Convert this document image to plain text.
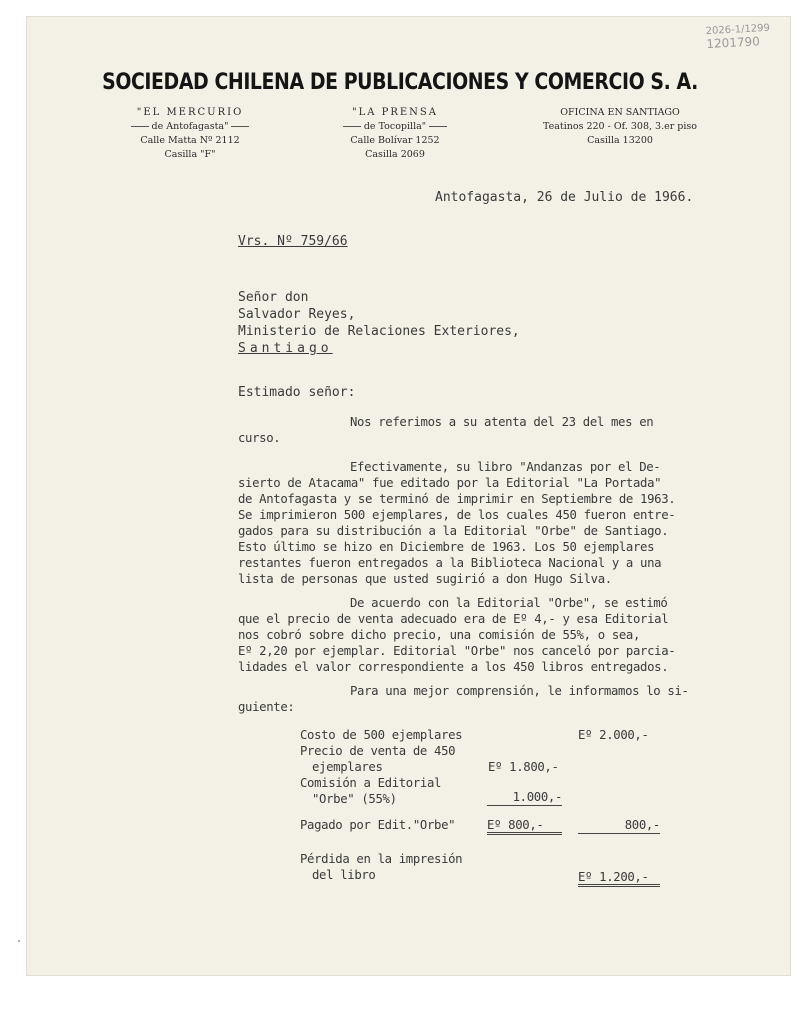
2026-1/1299
1201790
SOCIEDAD CHILENA DE PUBLICACIONES Y COMERCIO S. A.
"EL MERCURIO
de Antofagasta"
Calle Matta Nº 2112
Casilla "F"
"LA PRENSA
de Tocopilla"
Calle Bolívar 1252
Casilla 2069
OFICINA EN SANTIAGO
Teatinos 220 - Of. 308, 3.er piso
Casilla 13200
Antofagasta, 26 de Julio de 1966.
Vrs. Nº 759/66
Señor don
Salvador Reyes,
Ministerio de Relaciones Exteriores,
Santiago
Estimado señor:
Nos referimos a su atenta del 23 del mes en
curso.
Efectivamente, su libro "Andanzas por el De-
sierto de Atacama" fue editado por la Editorial "La Portada"
de Antofagasta y se terminó de imprimir en Septiembre de 1963.
Se imprimieron 500 ejemplares, de los cuales 450 fueron entre-
gados para su distribución a la Editorial "Orbe" de Santiago.
Esto último se hizo en Diciembre de 1963. Los 50 ejemplares
restantes fueron entregados a la Biblioteca Nacional y a una
lista de personas que usted sugirió a don Hugo Silva.
De acuerdo con la Editorial "Orbe", se estimó
que el precio de venta adecuado era de Eº 4,- y esa Editorial
nos cobró sobre dicho precio, una comisión de 55%, o sea,
Eº 2,20 por ejemplar. Editorial "Orbe" nos canceló por parcia-
lidades el valor correspondiente a los 450 libros entregados.
Para una mejor comprensión, le informamos lo si-
guiente:
Costo de 500 ejemplares	Eº 2.000,-
Precio de venta de 450
ejemplares	Eº 1.800,-
Comisión a Editorial
"Orbe" (55%)	1.000,-
Pagado por Edit."Orbe"	Eº 800,-	800,-
Pérdida en la impresión
del libro	Eº 1.200,-
